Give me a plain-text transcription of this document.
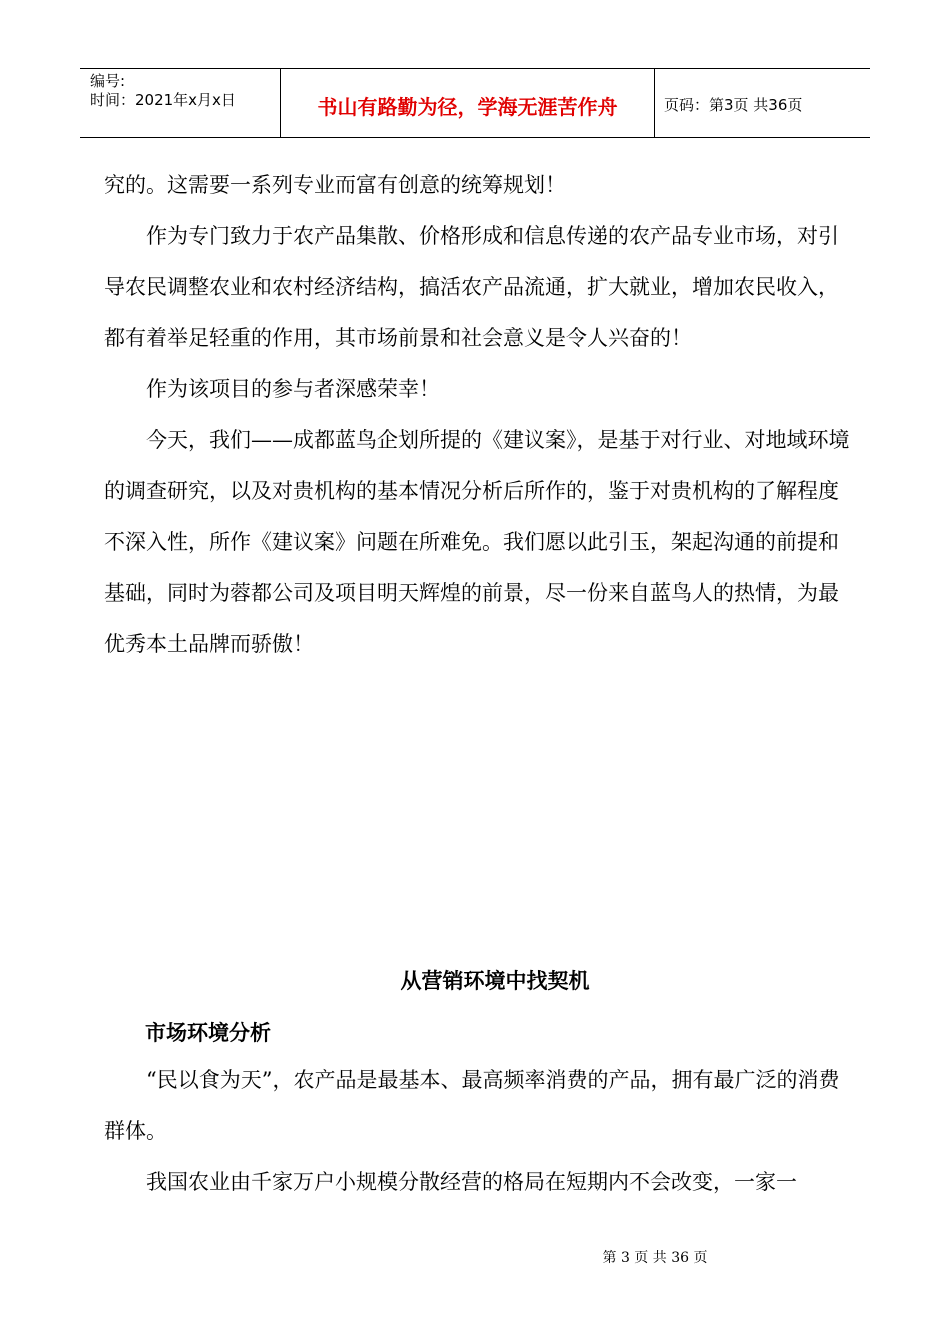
编号:
时间：2021年x月x日	书山有路勤为径，学海无涯苦作舟	页码：第3页 共36页

究的。这需要一系列专业而富有创意的统筹规划！

作为专门致力于农产品集散、价格形成和信息传递的农产品专业市场，对引导农民调整农业和农村经济结构，搞活农产品流通，扩大就业，增加农民收入，都有着举足轻重的作用，其市场前景和社会意义是令人兴奋的！

作为该项目的参与者深感荣幸！

今天，我们——成都蓝鸟企划所提的《建议案》，是基于对行业、对地域环境的调查研究，以及对贵机构的基本情况分析后所作的，鉴于对贵机构的了解程度不深入性，所作《建议案》问题在所难免。我们愿以此引玉，架起沟通的前提和基础，同时为蓉都公司及项目明天辉煌的前景，尽一份来自蓝鸟人的热情，为最优秀本土品牌而骄傲！

从营销环境中找契机
市场环境分析

“民以食为天”，农产品是最基本、最高频率消费的产品，拥有最广泛的消费群体。

我国农业由千家万户小规模分散经营的格局在短期内不会改变，一家一

第 3 页 共 36 页
